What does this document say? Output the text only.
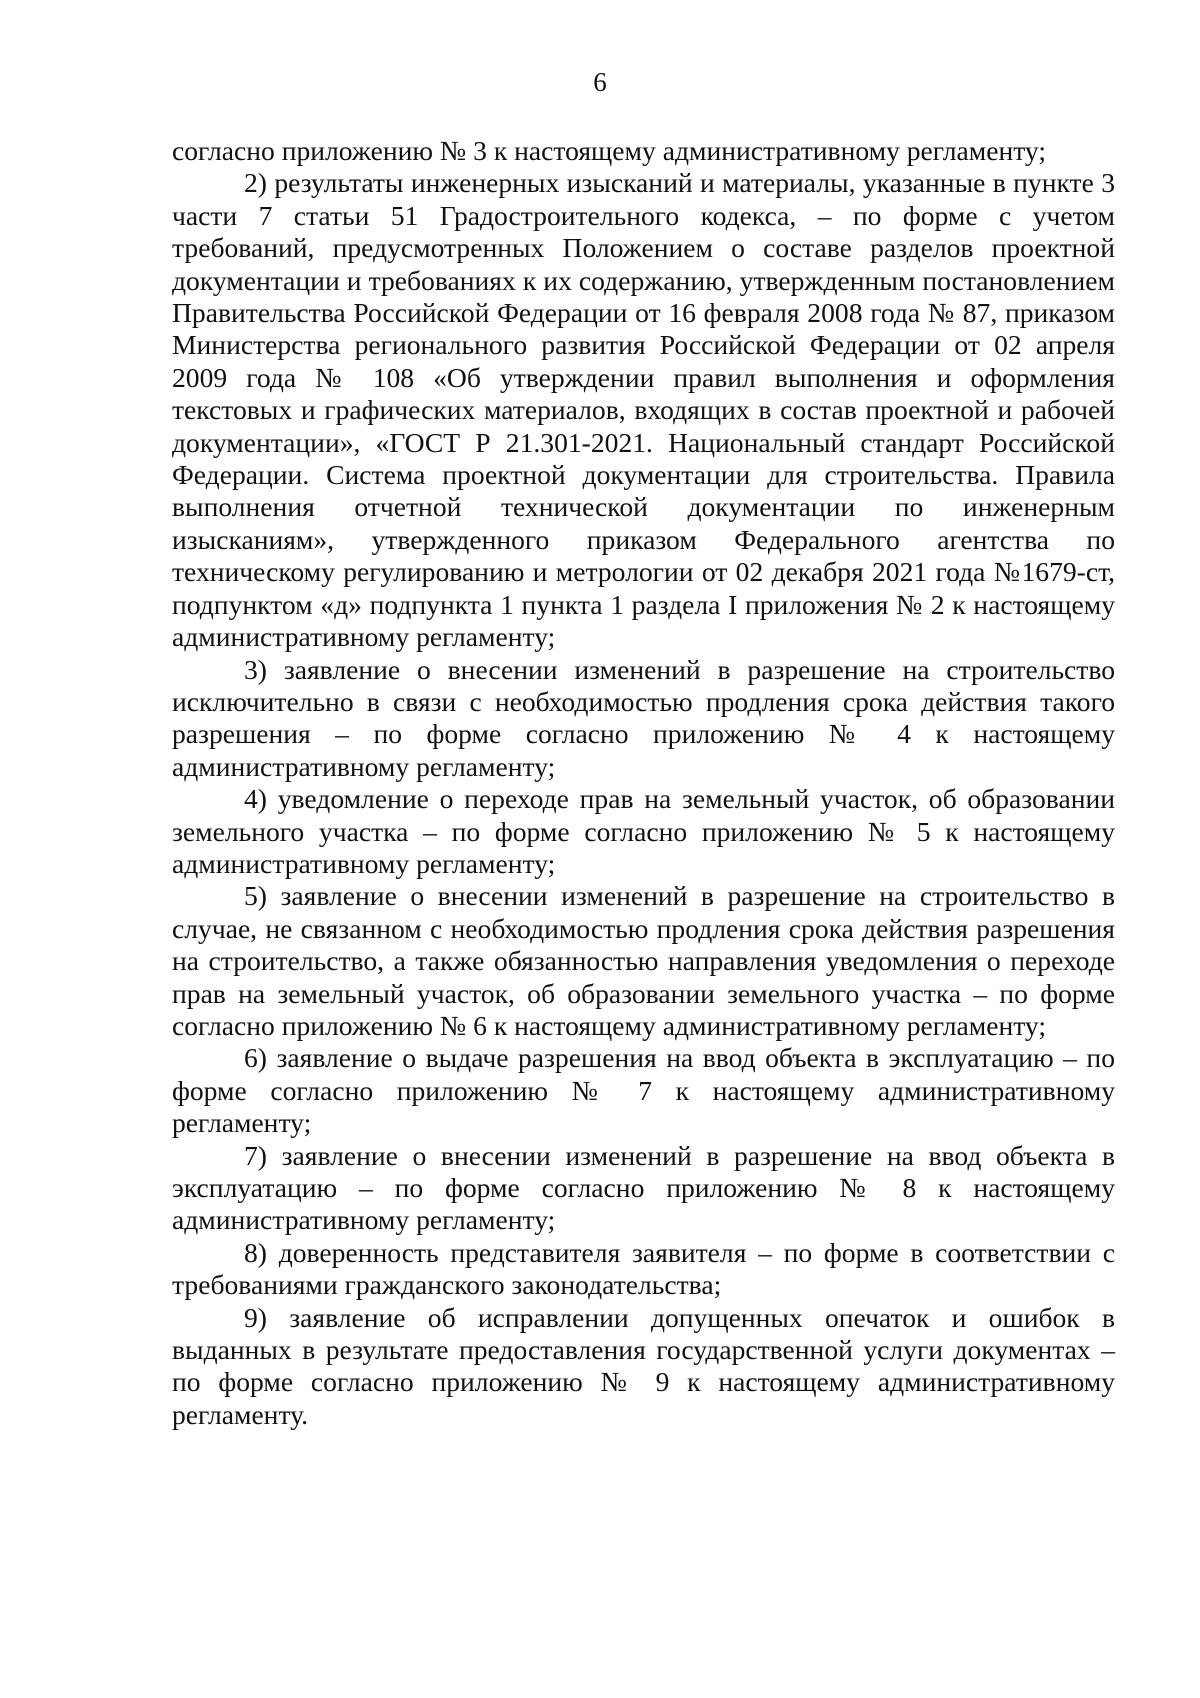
6

согласно приложению № 3 к настоящему административному регламенту;

2) результаты инженерных изысканий и материалы, указанные в пункте 3 части 7 статьи 51 Градостроительного кодекса, – по форме с учетом требований, предусмотренных Положением о составе разделов проектной документации и требованиях к их содержанию, утвержденным постановлением Правительства Российской Федерации от 16 февраля 2008 года № 87, приказом Министерства регионального развития Российской Федерации от 02 апреля 2009 года № 108 «Об утверждении правил выполнения и оформления текстовых и графических материалов, входящих в состав проектной и рабочей документации», «ГОСТ Р 21.301-2021. Национальный стандарт Российской Федерации. Система проектной документации для строительства. Правила выполнения отчетной технической документации по инженерным изысканиям», утвержденного приказом Федерального агентства по техническому регулированию и метрологии от 02 декабря 2021 года №1679-ст, подпунктом «д» подпункта 1 пункта 1 раздела I приложения № 2 к настоящему административному регламенту;

3) заявление о внесении изменений в разрешение на строительство исключительно в связи с необходимостью продления срока действия такого разрешения – по форме согласно приложению № 4 к настоящему административному регламенту;

4) уведомление о переходе прав на земельный участок, об образовании земельного участка – по форме согласно приложению № 5 к настоящему административному регламенту;

5) заявление о внесении изменений в разрешение на строительство в случае, не связанном с необходимостью продления срока действия разрешения на строительство, а также обязанностью направления уведомления о переходе прав на земельный участок, об образовании земельного участка – по форме согласно приложению № 6 к настоящему административному регламенту;

6) заявление о выдаче разрешения на ввод объекта в эксплуатацию – по форме согласно приложению № 7 к настоящему административному регламенту;

7) заявление о внесении изменений в разрешение на ввод объекта в эксплуатацию – по форме согласно приложению № 8 к настоящему административному регламенту;

8) доверенность представителя заявителя – по форме в соответствии с требованиями гражданского законодательства;

9) заявление об исправлении допущенных опечаток и ошибок в выданных в результате предоставления государственной услуги документах – по форме согласно приложению № 9 к настоящему административному регламенту.
